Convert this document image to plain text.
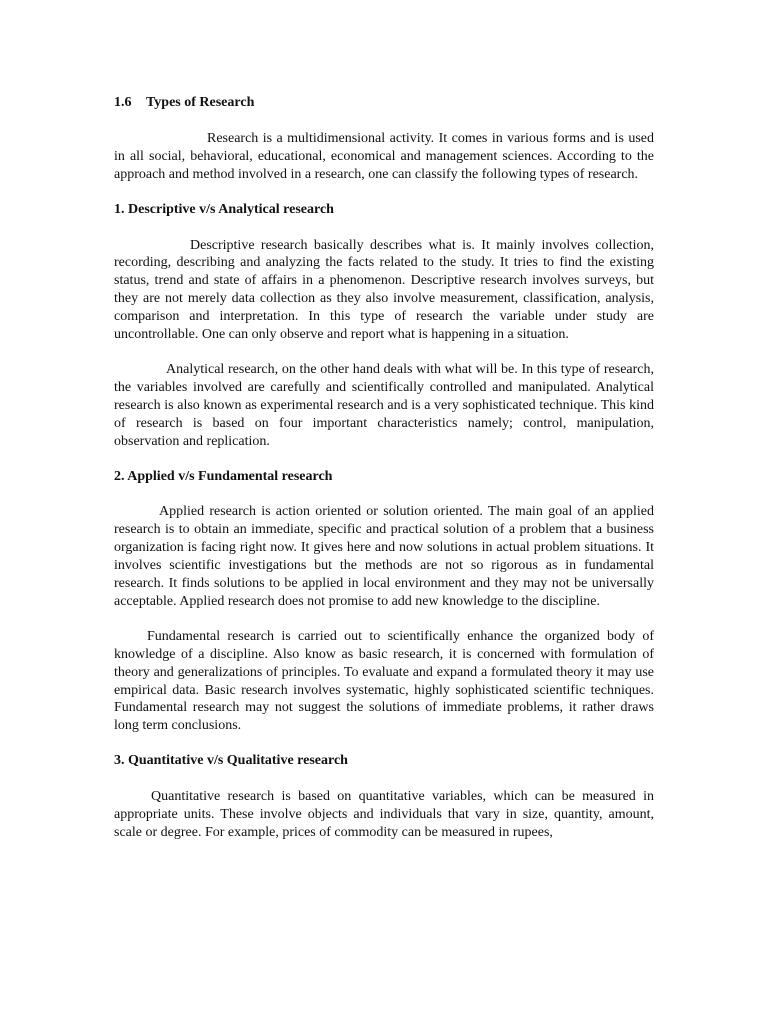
1.6 Types of Research

Research is a multidimensional activity. It comes in various forms and is used in all social, behavioral, educational, economical and management sciences. According to the approach and method involved in a research, one can classify the following types of research.

1. Descriptive v/s Analytical research

Descriptive research basically describes what is. It mainly involves collection, recording, describing and analyzing the facts related to the study. It tries to find the existing status, trend and state of affairs in a phenomenon. Descriptive research involves surveys, but they are not merely data collection as they also involve measurement, classification, analysis, comparison and interpretation. In this type of research the variable under study are uncontrollable. One can only observe and report what is happening in a situation.

Analytical research, on the other hand deals with what will be. In this type of research, the variables involved are carefully and scientifically controlled and manipulated. Analytical research is also known as experimental research and is a very sophisticated technique. This kind of research is based on four important characteristics namely; control, manipulation, observation and replication.

2. Applied v/s Fundamental research

Applied research is action oriented or solution oriented. The main goal of an applied research is to obtain an immediate, specific and practical solution of a problem that a business organization is facing right now. It gives here and now solutions in actual problem situations. It involves scientific investigations but the methods are not so rigorous as in fundamental research. It finds solutions to be applied in local environment and they may not be universally acceptable. Applied research does not promise to add new knowledge to the discipline.

Fundamental research is carried out to scientifically enhance the organized body of knowledge of a discipline. Also know as basic research, it is concerned with formulation of theory and generalizations of principles. To evaluate and expand a formulated theory it may use empirical data. Basic research involves systematic, highly sophisticated scientific techniques. Fundamental research may not suggest the solutions of immediate problems, it rather draws long term conclusions.

3. Quantitative v/s Qualitative research

Quantitative research is based on quantitative variables, which can be measured in appropriate units. These involve objects and individuals that vary in size, quantity, amount, scale or degree. For example, prices of commodity can be measured in rupees,
